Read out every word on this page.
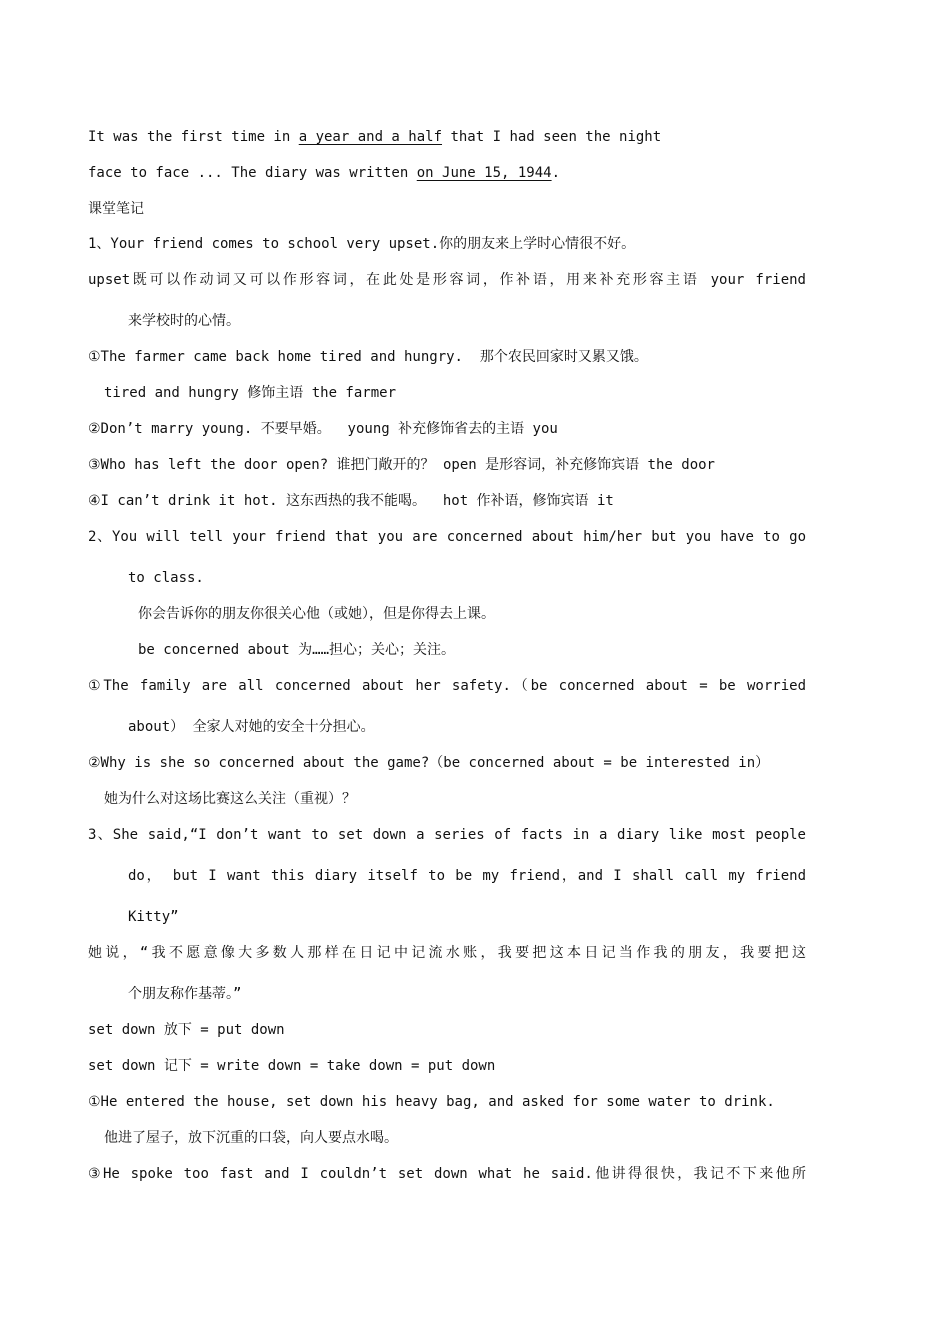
It was the first time in a year and a half that I had seen the night
face to face ... The diary was written on June 15, 1944.
课堂笔记
1、Your friend comes to school very upset.你的朋友来上学时心情很不好。
upset既可以作动词又可以作形容词，在此处是形容词，作补语，用来补充形容主语 your friend
来学校时的心情。
①The farmer came back home tired and hungry.  那个农民回家时又累又饿。
tired and hungry 修饰主语 the farmer
②Don’t marry young. 不要早婚。  young 补充修饰省去的主语 you
③Who has left the door open? 谁把门敞开的？ open 是形容词，补充修饰宾语 the door
④I can’t drink it hot. 这东西热的我不能喝。  hot 作补语，修饰宾语 it
2、You will tell your friend that you are concerned about him/her but you have to go
to class.
你会告诉你的朋友你很关心他（或她），但是你得去上课。
be concerned about 为……担心；关心；关注。
①The family are all concerned about her safety.（be concerned about = be worried
about） 全家人对她的安全十分担心。
②Why is she so concerned about the game?（be concerned about = be interested in）
她为什么对这场比赛这么关注（重视）？
3、She said,“I don’t want to set down a series of facts in a diary like most people
do， but I want this diary itself to be my friend，and I shall call my friend
Kitty”
她说，“我不愿意像大多数人那样在日记中记流水账，我要把这本日记当作我的朋友，我要把这
个朋友称作基蒂。”
set down 放下 = put down
set down 记下 = write down = take down = put down
①He entered the house, set down his heavy bag, and asked for some water to drink.
他进了屋子，放下沉重的口袋，向人要点水喝。
③He spoke too fast and I couldn’t set down what he said.他讲得很快，我记不下来他所
